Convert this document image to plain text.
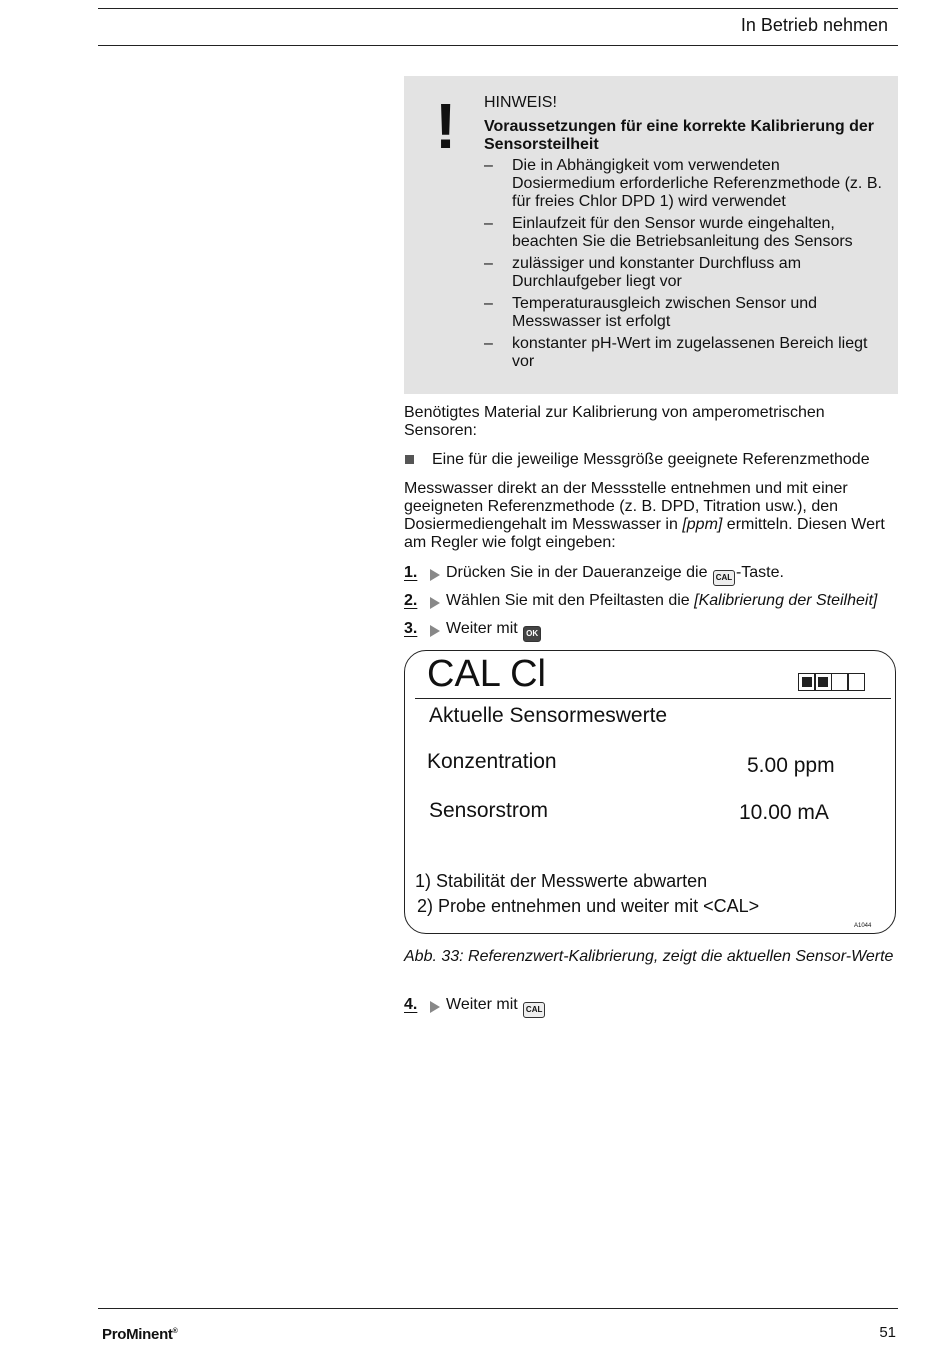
In Betrieb nehmen
! HINWEIS!
Voraussetzungen für eine korrekte Kalibrierung der Sensorsteilheit
– Die in Abhängigkeit vom verwendeten Dosiermedium erforderliche Referenzmethode (z. B. für freies Chlor DPD 1) wird verwendet
– Einlaufzeit für den Sensor wurde eingehalten, beachten Sie die Betriebsanleitung des Sensors
– zulässiger und konstanter Durchfluss am Durchlaufgeber liegt vor
– Temperaturausgleich zwischen Sensor und Messwasser ist erfolgt
– konstanter pH-Wert im zugelassenen Bereich liegt vor

Benötigtes Material zur Kalibrierung von amperometrischen Sensoren:

Eine für die jeweilige Messgröße geeignete Referenzmethode

Messwasser direkt an der Messstelle entnehmen und mit einer geeigneten Referenzmethode (z. B. DPD, Titration usw.), den Dosiermediengehalt im Messwasser in [ppm] ermitteln. Diesen Wert am Regler wie folgt eingeben:

1. Drücken Sie in der Daueranzeige die CAL -Taste.
2. Wählen Sie mit den Pfeiltasten die [Kalibrierung der Steilheit]
3. Weiter mit OK
CAL Cl
Aktuelle Sensormeswerte
Konzentration	5.00 ppm
Sensorstrom	10.00 mA
1) Stabilität der Messwerte abwarten
2) Probe entnehmen und weiter mit <CAL>
A1044
Abb. 33: Referenzwert-Kalibrierung, zeigt die aktuellen Sensor-Werte
4. Weiter mit CAL
ProMinent®	51
